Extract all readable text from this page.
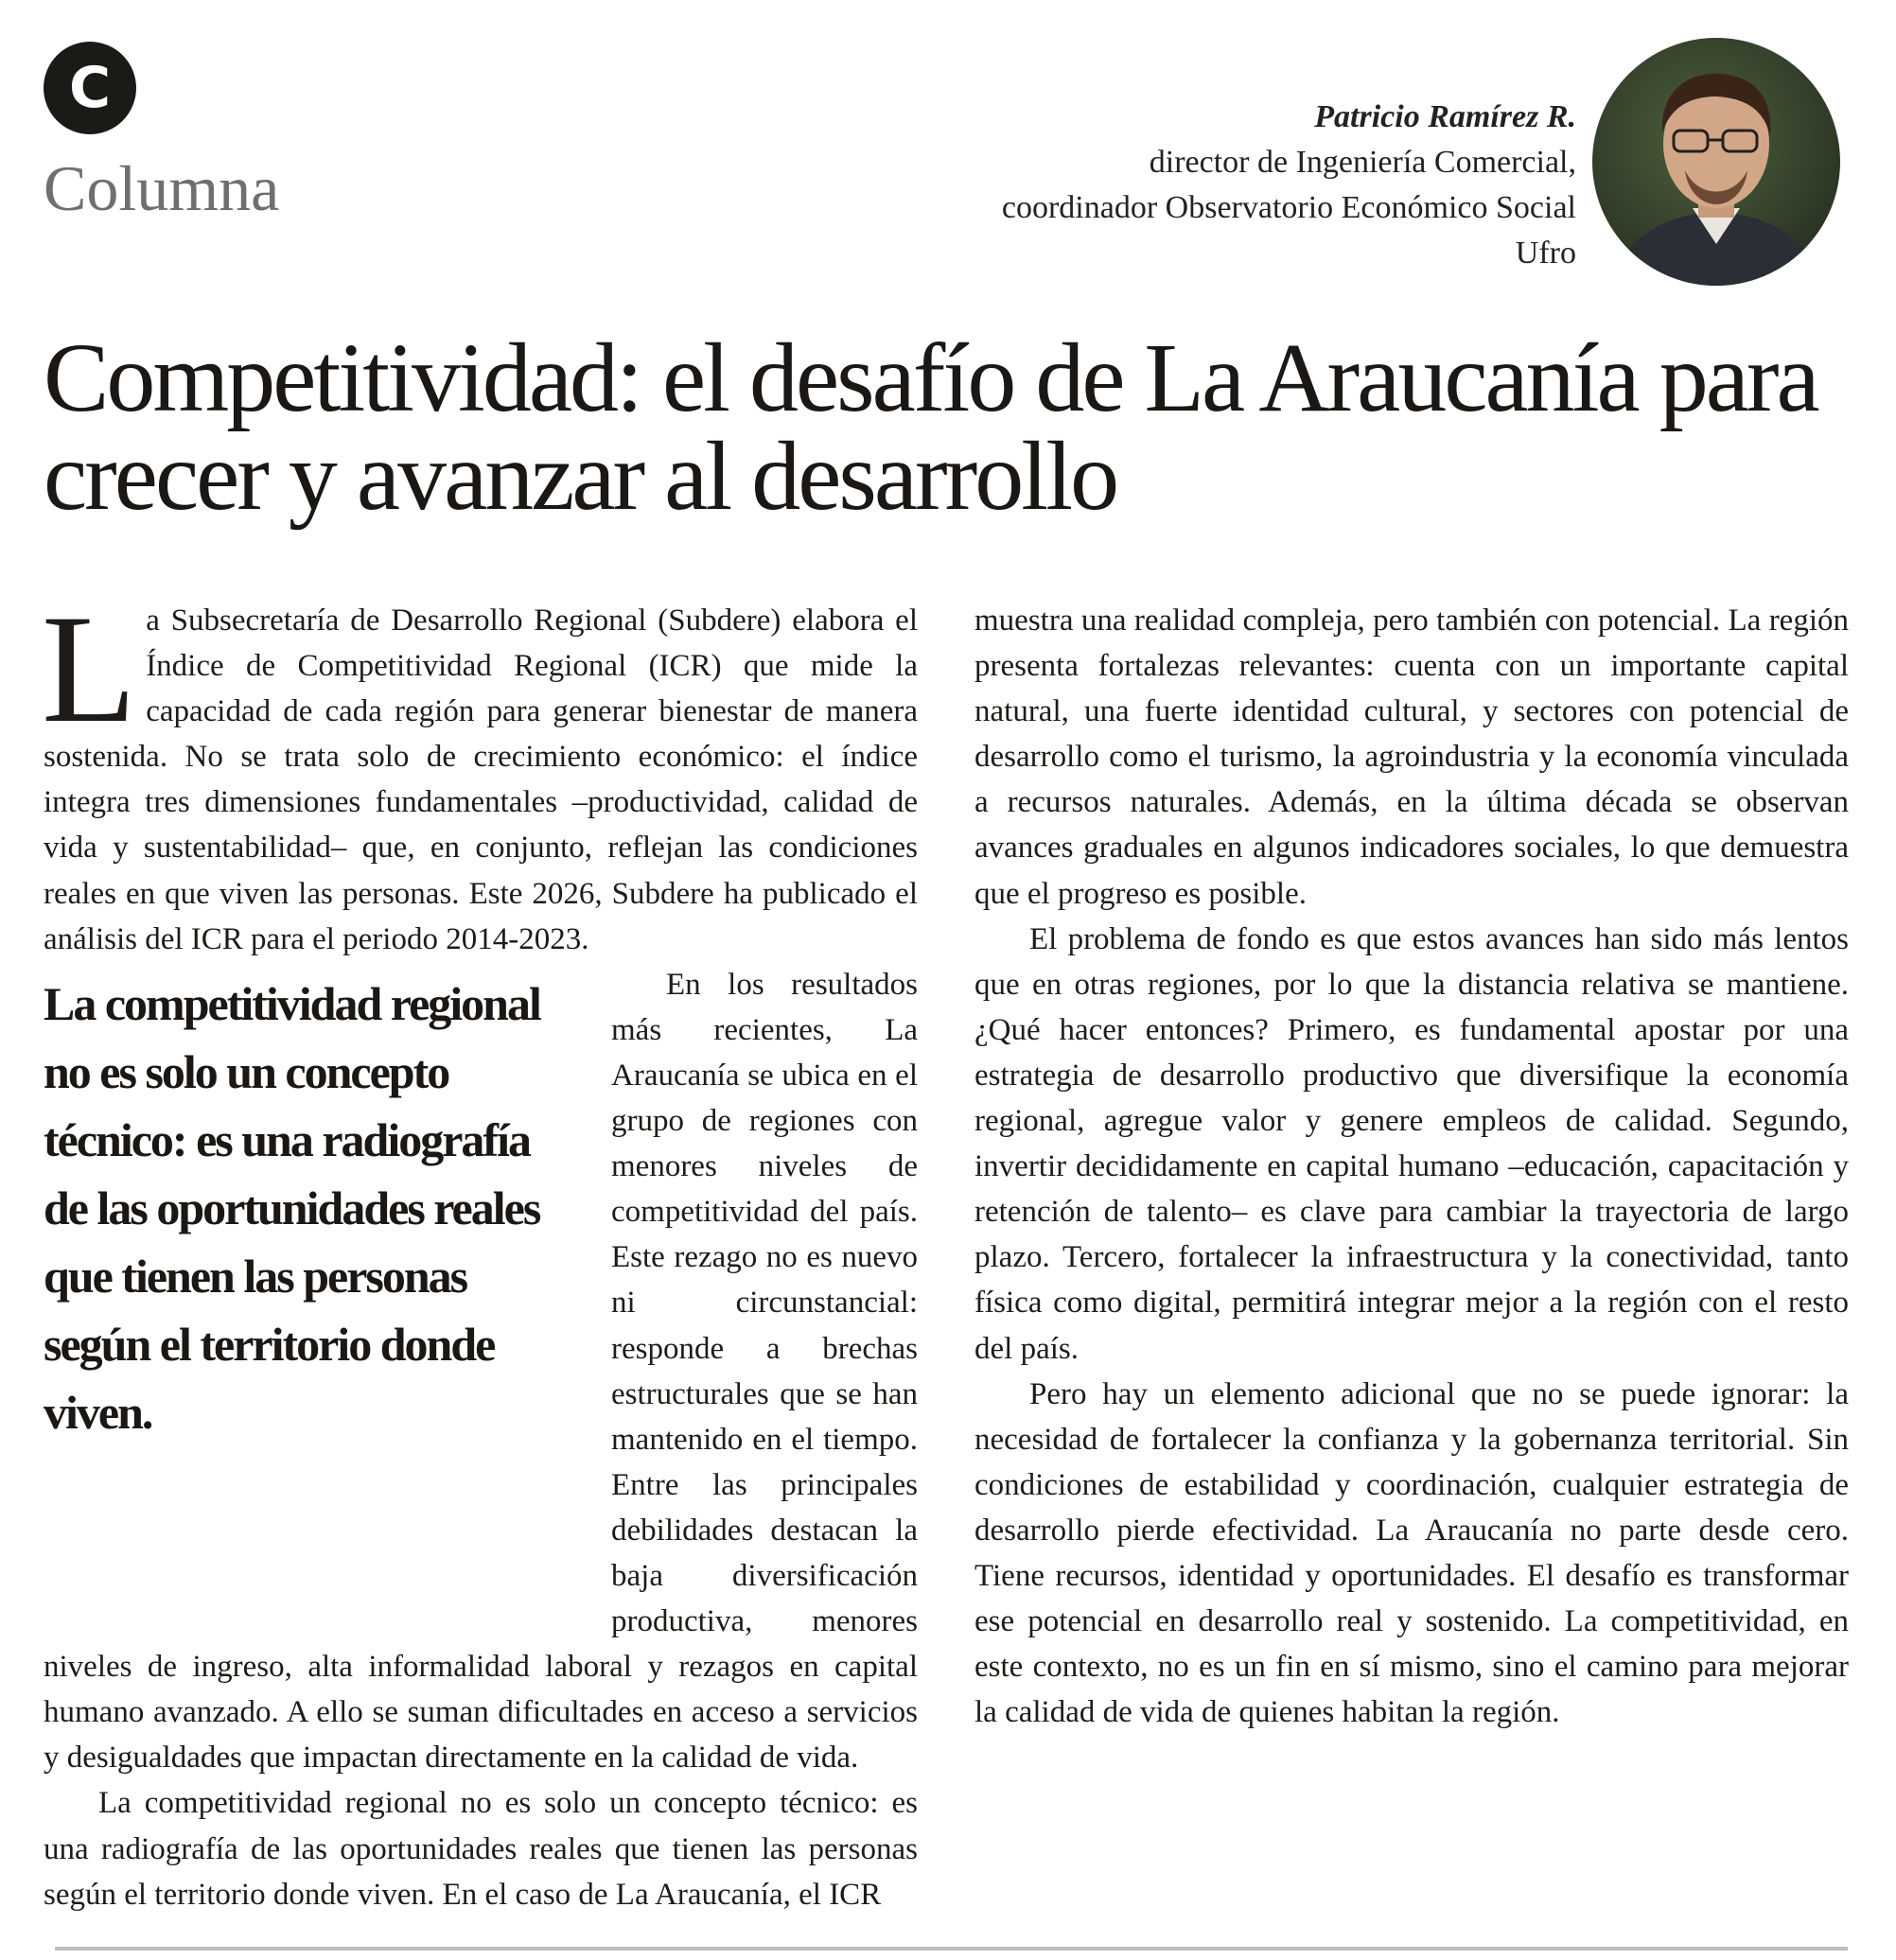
C
Columna
Patricio Ramírez R.
director de Ingeniería Comercial,
coordinador Observatorio Económico Social
Ufro
Competitividad: el desafío de La Araucanía para crecer y avanzar al desarrollo

La Subsecretaría de Desarrollo Regional (Subdere) elabora el Índice de Competitividad Regional (ICR) que mide la capacidad de cada región para generar bienestar de manera sostenida. No se trata solo de crecimiento económico: el índice integra tres dimensiones fundamentales –productividad, calidad de vida y sustentabilidad– que, en conjunto, reflejan las condiciones reales en que viven las personas. Este 2026, Subdere ha publicado el análisis del ICR para el periodo 2014-2023.

La competitividad regional no es solo un concepto técnico: es una radiografía de las oportunidades reales que tienen las personas según el territorio donde viven.

En los resultados más recientes, La Araucanía se ubica en el grupo de regiones con menores niveles de competitividad del país. Este rezago no es nuevo ni circunstancial: responde a brechas estructurales que se han mantenido en el tiempo. Entre las principales debilidades destacan la baja diversificación productiva, menores niveles de ingreso, alta informalidad laboral y rezagos en capital humano avanzado. A ello se suman dificultades en acceso a servicios y desigualdades que impactan directamente en la calidad de vida.

La competitividad regional no es solo un concepto técnico: es una radiografía de las oportunidades reales que tienen las personas según el territorio donde viven. En el caso de La Araucanía, el ICR

muestra una realidad compleja, pero también con potencial. La región presenta fortalezas relevantes: cuenta con un importante capital natural, una fuerte identidad cultural, y sectores con potencial de desarrollo como el turismo, la agroindustria y la economía vinculada a recursos naturales. Además, en la última década se observan avances graduales en algunos indicadores sociales, lo que demuestra que el progreso es posible.

El problema de fondo es que estos avances han sido más lentos que en otras regiones, por lo que la distancia relativa se mantiene. ¿Qué hacer entonces? Primero, es fundamental apostar por una estrategia de desarrollo productivo que diversifique la economía regional, agregue valor y genere empleos de calidad. Segundo, invertir decididamente en capital humano –educación, capacitación y retención de talento– es clave para cambiar la trayectoria de largo plazo. Tercero, fortalecer la infraestructura y la conectividad, tanto física como digital, permitirá integrar mejor a la región con el resto del país.

Pero hay un elemento adicional que no se puede ignorar: la necesidad de fortalecer la confianza y la gobernanza territorial. Sin condiciones de estabilidad y coordinación, cualquier estrategia de desarrollo pierde efectividad. La Araucanía no parte desde cero. Tiene recursos, identidad y oportunidades. El desafío es transformar ese potencial en desarrollo real y sostenido. La competitividad, en este contexto, no es un fin en sí mismo, sino el camino para mejorar la calidad de vida de quienes habitan la región.
